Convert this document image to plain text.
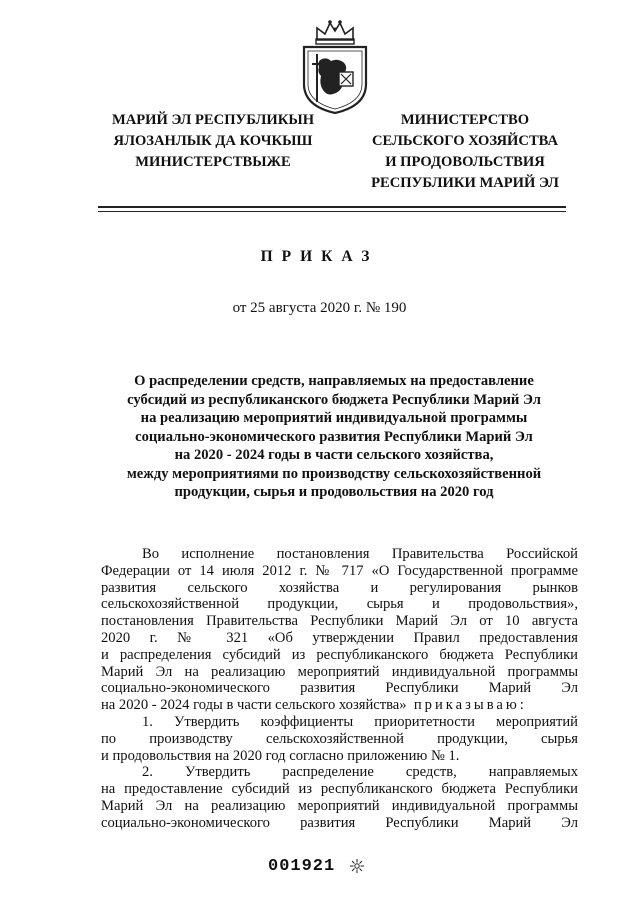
МАРИЙ ЭЛ РЕСПУБЛИКЫН
ЯЛОЗАНЛЫК ДА КОЧКЫШ
МИНИСТЕРСТВЫЖЕ
МИНИСТЕРСТВО
СЕЛЬСКОГО ХОЗЯЙСТВА
И ПРОДОВОЛЬСТВИЯ
РЕСПУБЛИКИ МАРИЙ ЭЛ
ПРИКАЗ
от 25 августа 2020 г. № 190
О распределении средств, направляемых на предоставление
субсидий из республиканского бюджета Республики Марий Эл
на реализацию мероприятий индивидуальной программы
социально-экономического развития Республики Марий Эл
на 2020 - 2024 годы в части сельского хозяйства,
между мероприятиями по производству сельскохозяйственной
продукции, сырья и продовольствия на 2020 год
Во исполнение постановления Правительства Российской
Федерации от 14 июля 2012 г. № 717 «О Государственной программе
развития сельского хозяйства и регулирования рынков
сельскохозяйственной продукции, сырья и продовольствия»,
постановления Правительства Республики Марий Эл от 10 августа
2020 г. № 321 «Об утверждении Правил предоставления
и распределения субсидий из республиканского бюджета Республики
Марий Эл на реализацию мероприятий индивидуальной программы
социально-экономического развития Республики Марий Эл
на 2020 - 2024 годы в части сельского хозяйства» приказываю:
1. Утвердить коэффициенты приоритетности мероприятий
по производству сельскохозяйственной продукции, сырья
и продовольствия на 2020 год согласно приложению № 1.
2. Утвердить распределение средств, направляемых
на предоставление субсидий из республиканского бюджета Республики
Марий Эл на реализацию мероприятий индивидуальной программы
социально-экономического развития Республики Марий Эл
001921
